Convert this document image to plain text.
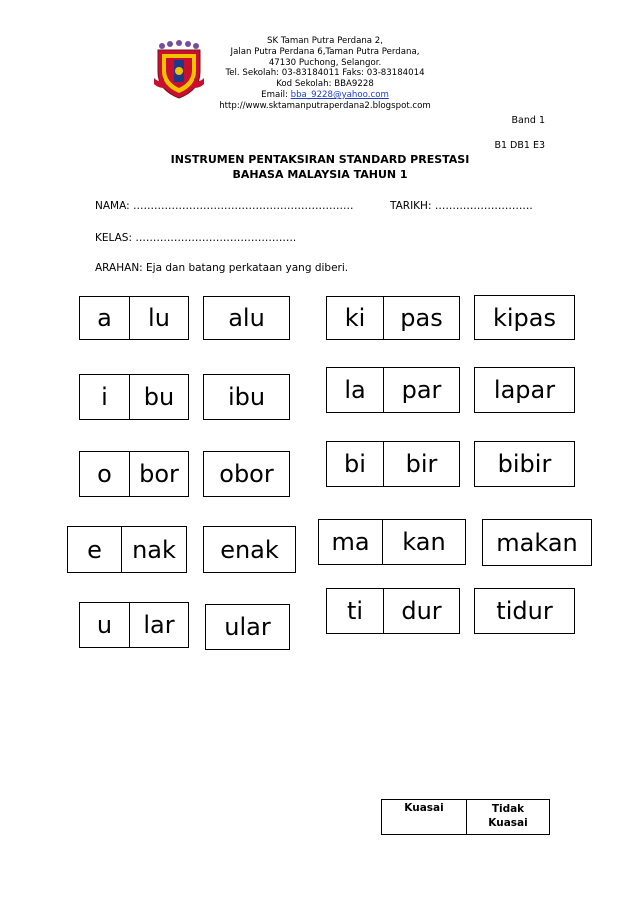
SK Taman Putra Perdana 2,
Jalan Putra Perdana 6,Taman Putra Perdana,
47130 Puchong, Selangor.
Tel. Sekolah: 03-83184011 Faks: 03-83184014
Kod Sekolah: BBA9228
Email: bba_9228@yahoo.com
http://www.sktamanputraperdana2.blogspot.com
Band 1
B1 DB1 E3
INSTRUMEN PENTAKSIRAN STANDARD PRESTASI
BAHASA MALAYSIA TAHUN 1
NAMA: ………………………………………………………	TARIKH: ……………………….
KELAS: ……………………………………….
ARAHAN: Eja dan batang perkataan yang diberi.
a	lu	alu
i	bu	ibu
o	bor	obor
e	nak	enak
u	lar	ular
ki	pas	kipas
la	par	lapar
bi	bir	bibir
ma	kan	makan
ti	dur	tidur
Kuasai	Tidak
Kuasai
